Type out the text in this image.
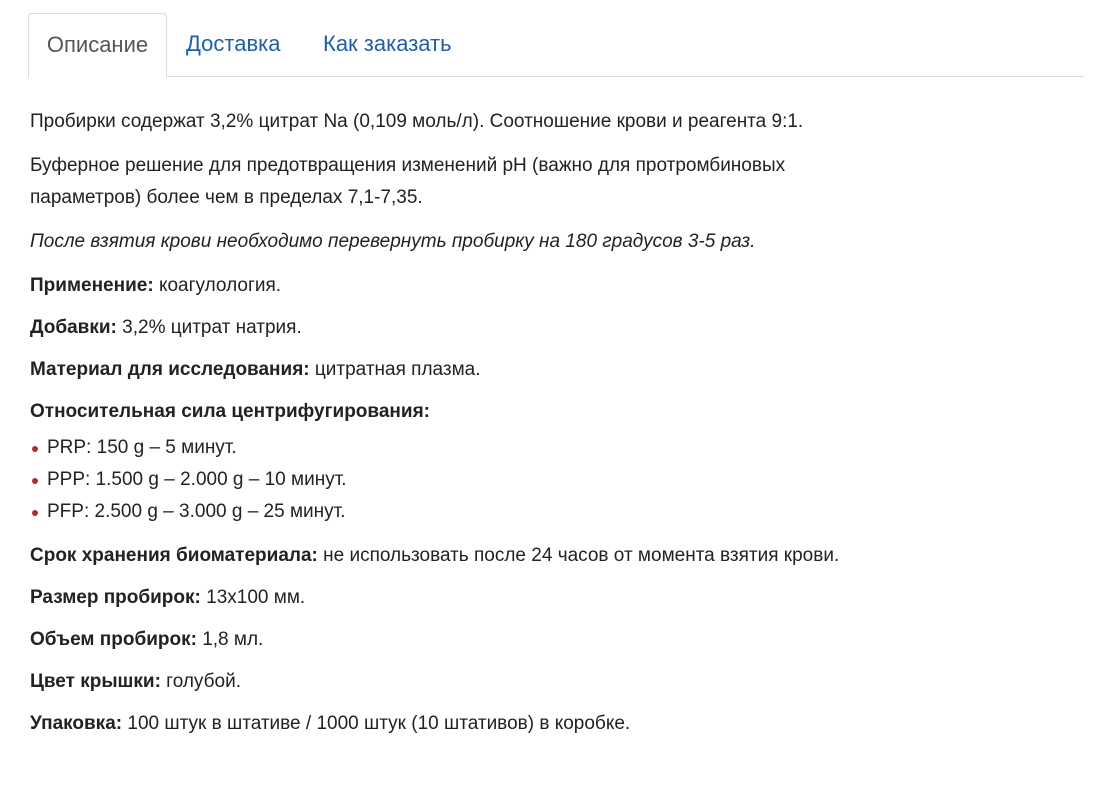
Описание	Доставка Как заказать

Пробирки содержат 3,2% цитрат Na (0,109 моль/л). Соотношение крови и реагента 9:1.

Буферное решение для предотвращения изменений pH (важно для протромбиновых
параметров) более чем в пределах 7,1-7,35.

После взятия крови необходимо перевернуть пробирку на 180 градусов 3-5 раз.

Применение: коагулология.

Добавки: 3,2% цитрат натрия.

Материал для исследования: цитратная плазма.

Относительная сила центрифугирования:

PRP: 150 g – 5 минут.
PPP: 1.500 g – 2.000 g – 10 минут.
PFP: 2.500 g – 3.000 g – 25 минут.

Срок хранения биоматериала: не использовать после 24 часов от момента взятия крови.

Размер пробирок: 13x100 мм.

Объем пробирок: 1,8 мл.

Цвет крышки: голубой.

Упаковка: 100 штук в штативе / 1000 штук (10 штативов) в коробке.
